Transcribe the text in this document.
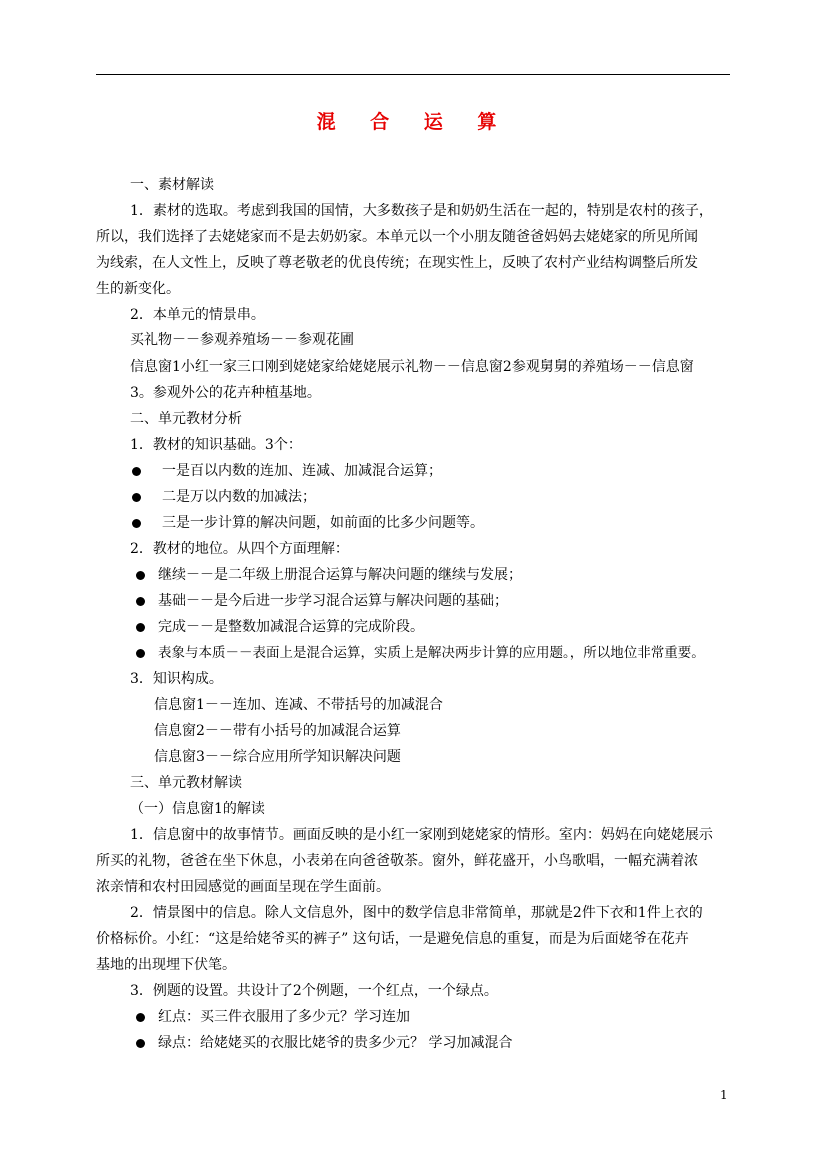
混 合 运 算
一、素材解读
1．素材的选取。考虑到我国的国情，大多数孩子是和奶奶生活在一起的，特别是农村的孩子，
所以，我们选择了去姥姥家而不是去奶奶家。本单元以一个小朋友随爸爸妈妈去姥姥家的所见所闻
为线索，在人文性上，反映了尊老敬老的优良传统；在现实性上，反映了农村产业结构调整后所发
生的新变化。
2．本单元的情景串。
买礼物－－参观养殖场－－参观花圃
信息窗1小红一家三口刚到姥姥家给姥姥展示礼物－－信息窗2参观舅舅的养殖场－－信息窗
3。参观外公的花卉种植基地。
二、单元教材分析
1．教材的知识基础。3个：
一是百以内数的连加、连减、加减混合运算；
二是万以内数的加减法；
三是一步计算的解决问题，如前面的比多少问题等。
2．教材的地位。从四个方面理解：
继续－－是二年级上册混合运算与解决问题的继续与发展；
基础－－是今后进一步学习混合运算与解决问题的基础；
完成－－是整数加减混合运算的完成阶段。
表象与本质－－表面上是混合运算，实质上是解决两步计算的应用题。，所以地位非常重要。
3．知识构成。
信息窗1－－连加、连减、不带括号的加减混合
信息窗2－－带有小括号的加减混合运算
信息窗3－－综合应用所学知识解决问题
三、单元教材解读
（一）信息窗1的解读
1．信息窗中的故事情节。画面反映的是小红一家刚到姥姥家的情形。室内：妈妈在向姥姥展示
所买的礼物，爸爸在坐下休息，小表弟在向爸爸敬茶。窗外，鲜花盛开，小鸟歌唱，一幅充满着浓
浓亲情和农村田园感觉的画面呈现在学生面前。
2．情景图中的信息。除人文信息外，图中的数学信息非常简单，那就是2件下衣和1件上衣的
价格标价。小红：“这是给姥爷买的裤子” 这句话，一是避免信息的重复，而是为后面姥爷在花卉
基地的出现埋下伏笔。
3．例题的设置。共设计了2个例题，一个红点，一个绿点。
红点：买三件衣服用了多少元？学习连加
绿点：给姥姥买的衣服比姥爷的贵多少元？ 学习加减混合
1
